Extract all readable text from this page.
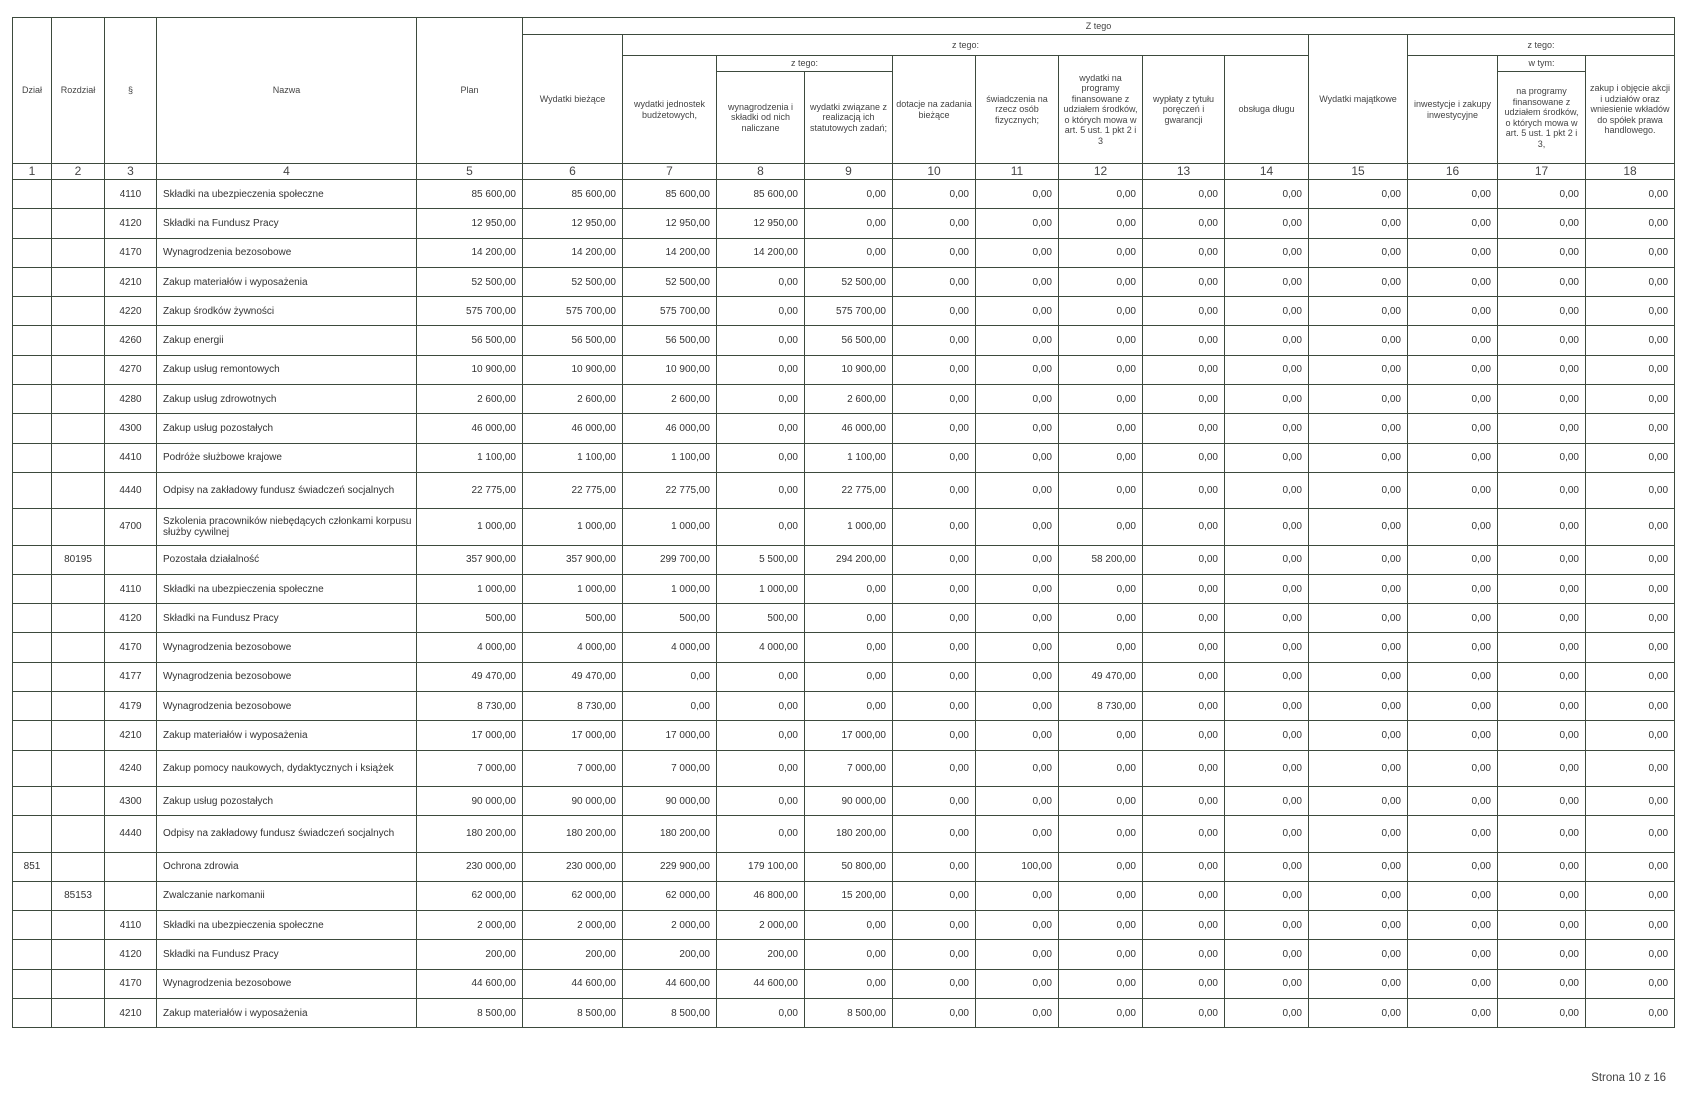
Dział	Rozdział	§	Nazwa	Plan	Z tego												
					Wydatki bieżące	z tego:								Wydatki majątkowe	z tego:		
						wydatki jednostek budżetowych,	z tego:		dotacje na zadania bieżące	świadczenia na rzecz osób fizycznych;	wydatki na programy finansowane z udziałem środków, o których mowa w art. 5 ust. 1 pkt 2 i 3	wypłaty z tytułu poręczeń i gwarancji	obsługa długu		inwestycje i zakupy inwestycyjne	w tym:	zakup i objęcie akcji i udziałów oraz wniesienie wkładów do spółek prawa handlowego.
							wynagrodzenia i składki od nich naliczane	wydatki związane z realizacją ich statutowych zadań;								na programy finansowane z udziałem środków, o których mowa w art. 5 ust. 1 pkt 2 i 3,	
1	2	3	4	5	6	7	8	9	10	11	12	13	14	15	16	17	18
		4110	Składki na ubezpieczenia społeczne	85 600,00	85 600,00	85 600,00	85 600,00	0,00	0,00	0,00	0,00	0,00	0,00	0,00	0,00	0,00	0,00
		4120	Składki na Fundusz Pracy	12 950,00	12 950,00	12 950,00	12 950,00	0,00	0,00	0,00	0,00	0,00	0,00	0,00	0,00	0,00	0,00
		4170	Wynagrodzenia bezosobowe	14 200,00	14 200,00	14 200,00	14 200,00	0,00	0,00	0,00	0,00	0,00	0,00	0,00	0,00	0,00	0,00
		4210	Zakup materiałów i wyposażenia	52 500,00	52 500,00	52 500,00	0,00	52 500,00	0,00	0,00	0,00	0,00	0,00	0,00	0,00	0,00	0,00
		4220	Zakup środków żywności	575 700,00	575 700,00	575 700,00	0,00	575 700,00	0,00	0,00	0,00	0,00	0,00	0,00	0,00	0,00	0,00
		4260	Zakup energii	56 500,00	56 500,00	56 500,00	0,00	56 500,00	0,00	0,00	0,00	0,00	0,00	0,00	0,00	0,00	0,00
		4270	Zakup usług remontowych	10 900,00	10 900,00	10 900,00	0,00	10 900,00	0,00	0,00	0,00	0,00	0,00	0,00	0,00	0,00	0,00
		4280	Zakup usług zdrowotnych	2 600,00	2 600,00	2 600,00	0,00	2 600,00	0,00	0,00	0,00	0,00	0,00	0,00	0,00	0,00	0,00
		4300	Zakup usług pozostałych	46 000,00	46 000,00	46 000,00	0,00	46 000,00	0,00	0,00	0,00	0,00	0,00	0,00	0,00	0,00	0,00
		4410	Podróże służbowe krajowe	1 100,00	1 100,00	1 100,00	0,00	1 100,00	0,00	0,00	0,00	0,00	0,00	0,00	0,00	0,00	0,00
		4440	Odpisy na zakładowy fundusz świadczeń socjalnych	22 775,00	22 775,00	22 775,00	0,00	22 775,00	0,00	0,00	0,00	0,00	0,00	0,00	0,00	0,00	0,00
		4700	Szkolenia pracowników niebędących członkami korpusu służby cywilnej	1 000,00	1 000,00	1 000,00	0,00	1 000,00	0,00	0,00	0,00	0,00	0,00	0,00	0,00	0,00	0,00
	80195		Pozostała działalność	357 900,00	357 900,00	299 700,00	5 500,00	294 200,00	0,00	0,00	58 200,00	0,00	0,00	0,00	0,00	0,00	0,00
		4110	Składki na ubezpieczenia społeczne	1 000,00	1 000,00	1 000,00	1 000,00	0,00	0,00	0,00	0,00	0,00	0,00	0,00	0,00	0,00	0,00
		4120	Składki na Fundusz Pracy	500,00	500,00	500,00	500,00	0,00	0,00	0,00	0,00	0,00	0,00	0,00	0,00	0,00	0,00
		4170	Wynagrodzenia bezosobowe	4 000,00	4 000,00	4 000,00	4 000,00	0,00	0,00	0,00	0,00	0,00	0,00	0,00	0,00	0,00	0,00
		4177	Wynagrodzenia bezosobowe	49 470,00	49 470,00	0,00	0,00	0,00	0,00	0,00	49 470,00	0,00	0,00	0,00	0,00	0,00	0,00
		4179	Wynagrodzenia bezosobowe	8 730,00	8 730,00	0,00	0,00	0,00	0,00	0,00	8 730,00	0,00	0,00	0,00	0,00	0,00	0,00
		4210	Zakup materiałów i wyposażenia	17 000,00	17 000,00	17 000,00	0,00	17 000,00	0,00	0,00	0,00	0,00	0,00	0,00	0,00	0,00	0,00
		4240	Zakup pomocy naukowych, dydaktycznych i książek	7 000,00	7 000,00	7 000,00	0,00	7 000,00	0,00	0,00	0,00	0,00	0,00	0,00	0,00	0,00	0,00
		4300	Zakup usług pozostałych	90 000,00	90 000,00	90 000,00	0,00	90 000,00	0,00	0,00	0,00	0,00	0,00	0,00	0,00	0,00	0,00
		4440	Odpisy na zakładowy fundusz świadczeń socjalnych	180 200,00	180 200,00	180 200,00	0,00	180 200,00	0,00	0,00	0,00	0,00	0,00	0,00	0,00	0,00	0,00
851			Ochrona zdrowia	230 000,00	230 000,00	229 900,00	179 100,00	50 800,00	0,00	100,00	0,00	0,00	0,00	0,00	0,00	0,00	0,00
	85153		Zwalczanie narkomanii	62 000,00	62 000,00	62 000,00	46 800,00	15 200,00	0,00	0,00	0,00	0,00	0,00	0,00	0,00	0,00	0,00
		4110	Składki na ubezpieczenia społeczne	2 000,00	2 000,00	2 000,00	2 000,00	0,00	0,00	0,00	0,00	0,00	0,00	0,00	0,00	0,00	0,00
		4120	Składki na Fundusz Pracy	200,00	200,00	200,00	200,00	0,00	0,00	0,00	0,00	0,00	0,00	0,00	0,00	0,00	0,00
		4170	Wynagrodzenia bezosobowe	44 600,00	44 600,00	44 600,00	44 600,00	0,00	0,00	0,00	0,00	0,00	0,00	0,00	0,00	0,00	0,00
		4210	Zakup materiałów i wyposażenia	8 500,00	8 500,00	8 500,00	0,00	8 500,00	0,00	0,00	0,00	0,00	0,00	0,00	0,00	0,00	0,00
Strona 10 z 16
